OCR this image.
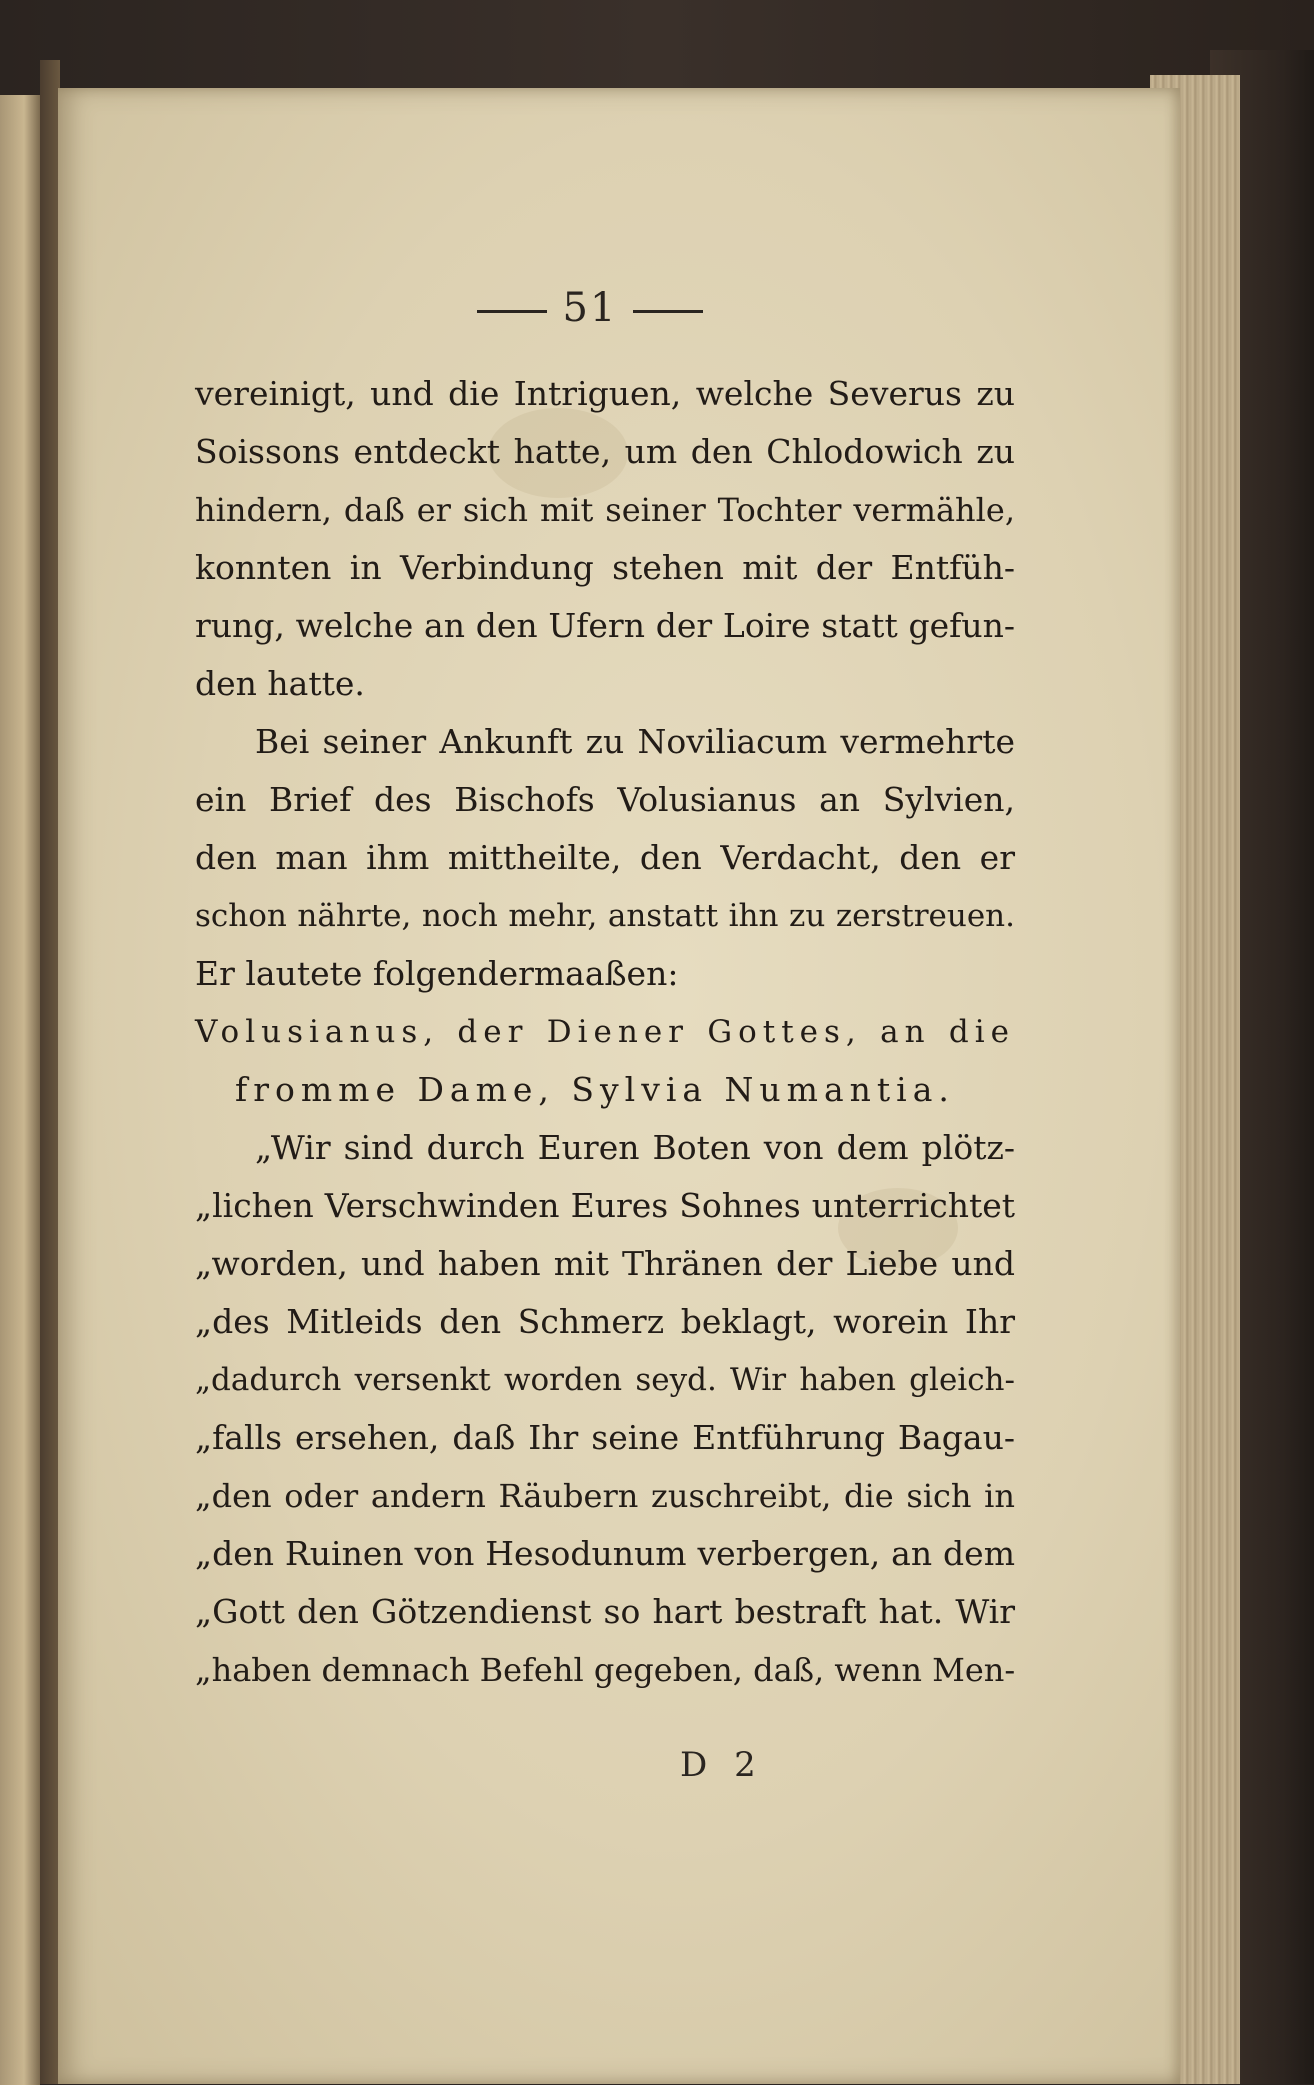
51
vereinigt, und die Intriguen, welche Severus zu
Soissons entdeckt hatte, um den Chlodowich zu
hindern, daß er sich mit seiner Tochter vermähle,
konnten in Verbindung stehen mit der Entfüh-
rung, welche an den Ufern der Loire statt gefun-
den hatte.
Bei seiner Ankunft zu Noviliacum vermehrte
ein Brief des Bischofs Volusianus an Sylvien,
den man ihm mittheilte, den Verdacht, den er
schon nährte, noch mehr, anstatt ihn zu zerstreuen.
Er lautete folgendermaaßen:
Volusianus, der Diener Gottes, an die
fromme Dame, Sylvia Numantia.
„Wir sind durch Euren Boten von dem plötz-
„lichen Verschwinden Eures Sohnes unterrichtet
„worden, und haben mit Thränen der Liebe und
„des Mitleids den Schmerz beklagt, worein Ihr
„dadurch versenkt worden seyd. Wir haben gleich-
„falls ersehen, daß Ihr seine Entführung Bagau-
„den oder andern Räubern zuschreibt, die sich in
„den Ruinen von Hesodunum verbergen, an dem
„Gott den Götzendienst so hart bestraft hat. Wir
„haben demnach Befehl gegeben, daß, wenn Men-
D 2
